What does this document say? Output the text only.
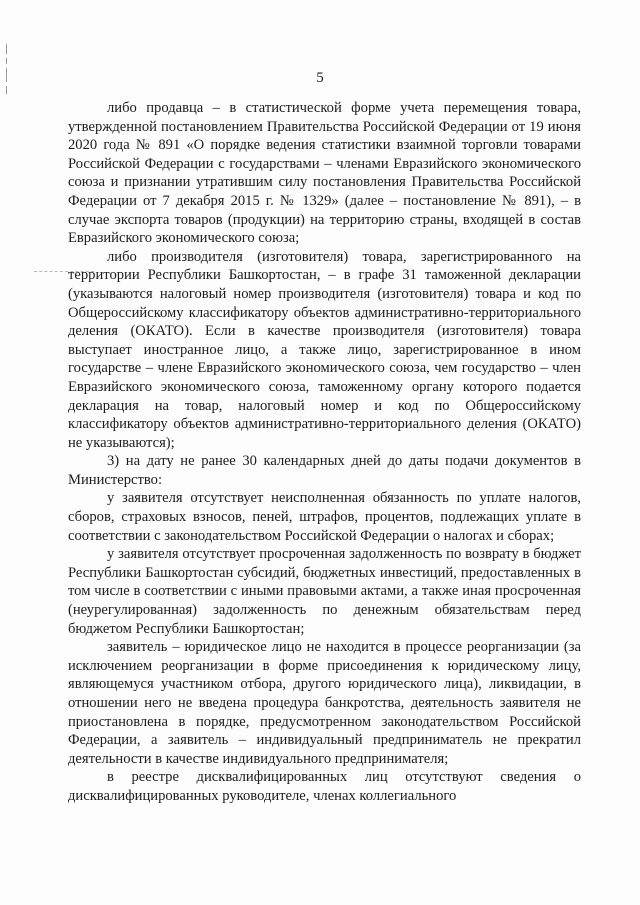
5

либо продавца – в статистической форме учета перемещения товара, утвержденной постановлением Правительства Российской Федерации от 19 июня 2020 года № 891 «О порядке ведения статистики взаимной торговли товарами Российской Федерации с государствами – членами Евразийского экономического союза и признании утратившим силу постановления Правительства Российской Федерации от 7 декабря 2015 г. № 1329» (далее – постановление № 891), – в случае экспорта товаров (продукции) на территорию страны, входящей в состав Евразийского экономического союза;

либо производителя (изготовителя) товара, зарегистрированного на территории Республики Башкортостан, – в графе 31 таможенной декларации (указываются налоговый номер производителя (изготовителя) товара и код по Общероссийскому классификатору объектов административно-территориального деления (ОКАТО). Если в качестве производителя (изготовителя) товара выступает иностранное лицо, а также лицо, зарегистрированное в ином государстве – члене Евразийского экономического союза, чем государство – член Евразийского экономического союза, таможенному органу которого подается декларация на товар, налоговый номер и код по Общероссийскому классификатору объектов административно-территориального деления (ОКАТО) не указываются);

3) на дату не ранее 30 календарных дней до даты подачи документов в Министерство:

у заявителя отсутствует неисполненная обязанность по уплате налогов, сборов, страховых взносов, пеней, штрафов, процентов, подлежащих уплате в соответствии с законодательством Российской Федерации о налогах и сборах;

у заявителя отсутствует просроченная задолженность по возврату в бюджет Республики Башкортостан субсидий, бюджетных инвестиций, предоставленных в том числе в соответствии с иными правовыми актами, а также иная просроченная (неурегулированная) задолженность по денежным обязательствам перед бюджетом Республики Башкортостан;

заявитель – юридическое лицо не находится в процессе реорганизации (за исключением реорганизации в форме присоединения к юридическому лицу, являющемуся участником отбора, другого юридического лица), ликвидации, в отношении него не введена процедура банкротства, деятельность заявителя не приостановлена в порядке, предусмотренном законодательством Российской Федерации, а заявитель – индивидуальный предприниматель не прекратил деятельности в качестве индивидуального предпринимателя;

в реестре дисквалифицированных лиц отсутствуют сведения о дисквалифицированных руководителе, членах коллегиального
